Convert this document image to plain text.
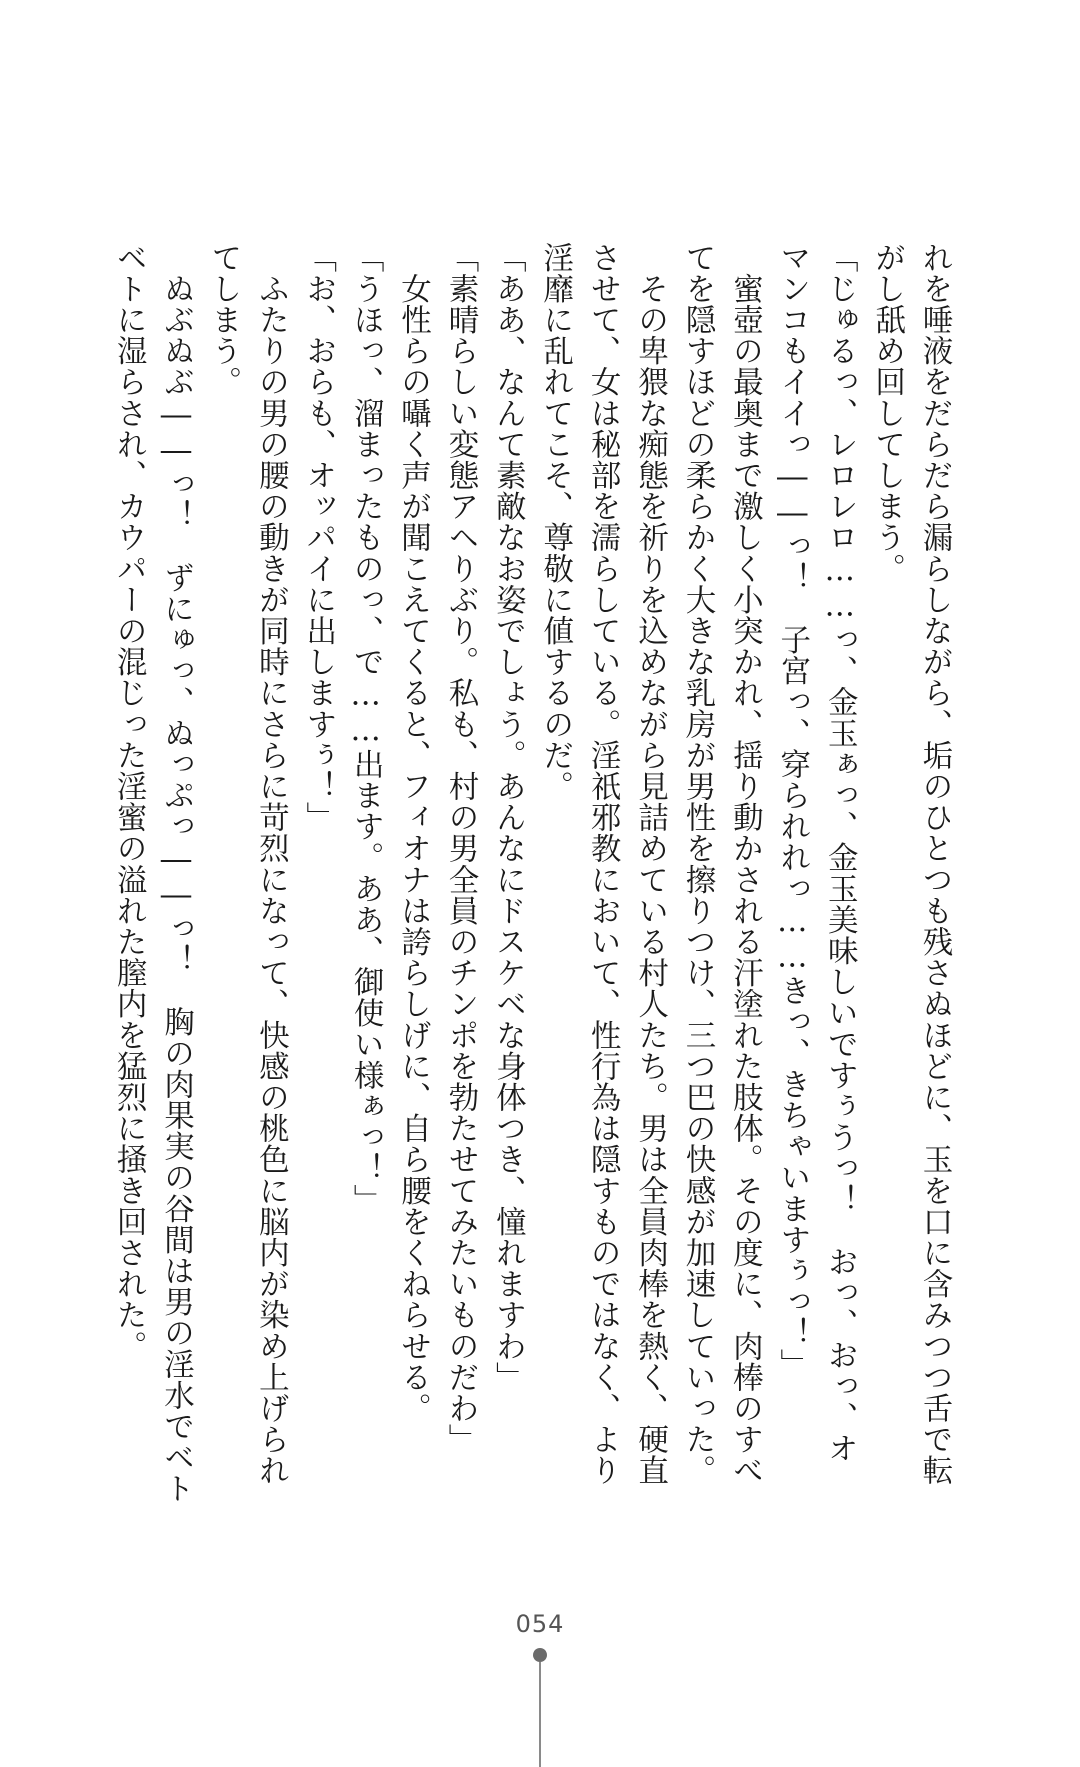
れを唾液をだらだら漏らしながら、垢のひとつも残さぬほどに、玉を口に含みつつ舌で転
がし舐め回してしまう。
「じゅるっ、レロレロ……っ、金玉ぁっ、金玉美味しいですぅうっ！　おっ、おっ、オ
マンコもイイっ――っ！　子宮っ、穿られれっ……きっ、きちゃいますぅっ！」
　蜜壺の最奥まで激しく小突かれ、揺り動かされる汗塗れた肢体。その度に、肉棒のすべ
てを隠すほどの柔らかく大きな乳房が男性を擦りつけ、三つ巴の快感が加速していった。
　その卑猥な痴態を祈りを込めながら見詰めている村人たち。男は全員肉棒を熱く、硬直
させて、女は秘部を濡らしている。淫祇邪教において、性行為は隠すものではなく、より
淫靡に乱れてこそ、尊敬に値するのだ。
「ああ、なんて素敵なお姿でしょう。あんなにドスケベな身体つき、憧れますわ」
「素晴らしい変態アヘりぶり。私も、村の男全員のチンポを勃たせてみたいものだわ」
　女性らの囁く声が聞こえてくると、フィオナは誇らしげに、自ら腰をくねらせる。
「うほっ、溜まったものっ、で……出ます。ああ、御使い様ぁっ！」
「お、おらも、オッパイに出しますぅ！」
　ふたりの男の腰の動きが同時にさらに苛烈になって、快感の桃色に脳内が染め上げられ
てしまう。
　ぬぶぬぶ――っ！　ずにゅっ、ぬっぷっ――っ！　胸の肉果実の谷間は男の淫水でベト
ベトに湿らされ、カウパーの混じった淫蜜の溢れた膣内を猛烈に掻き回された。
054
